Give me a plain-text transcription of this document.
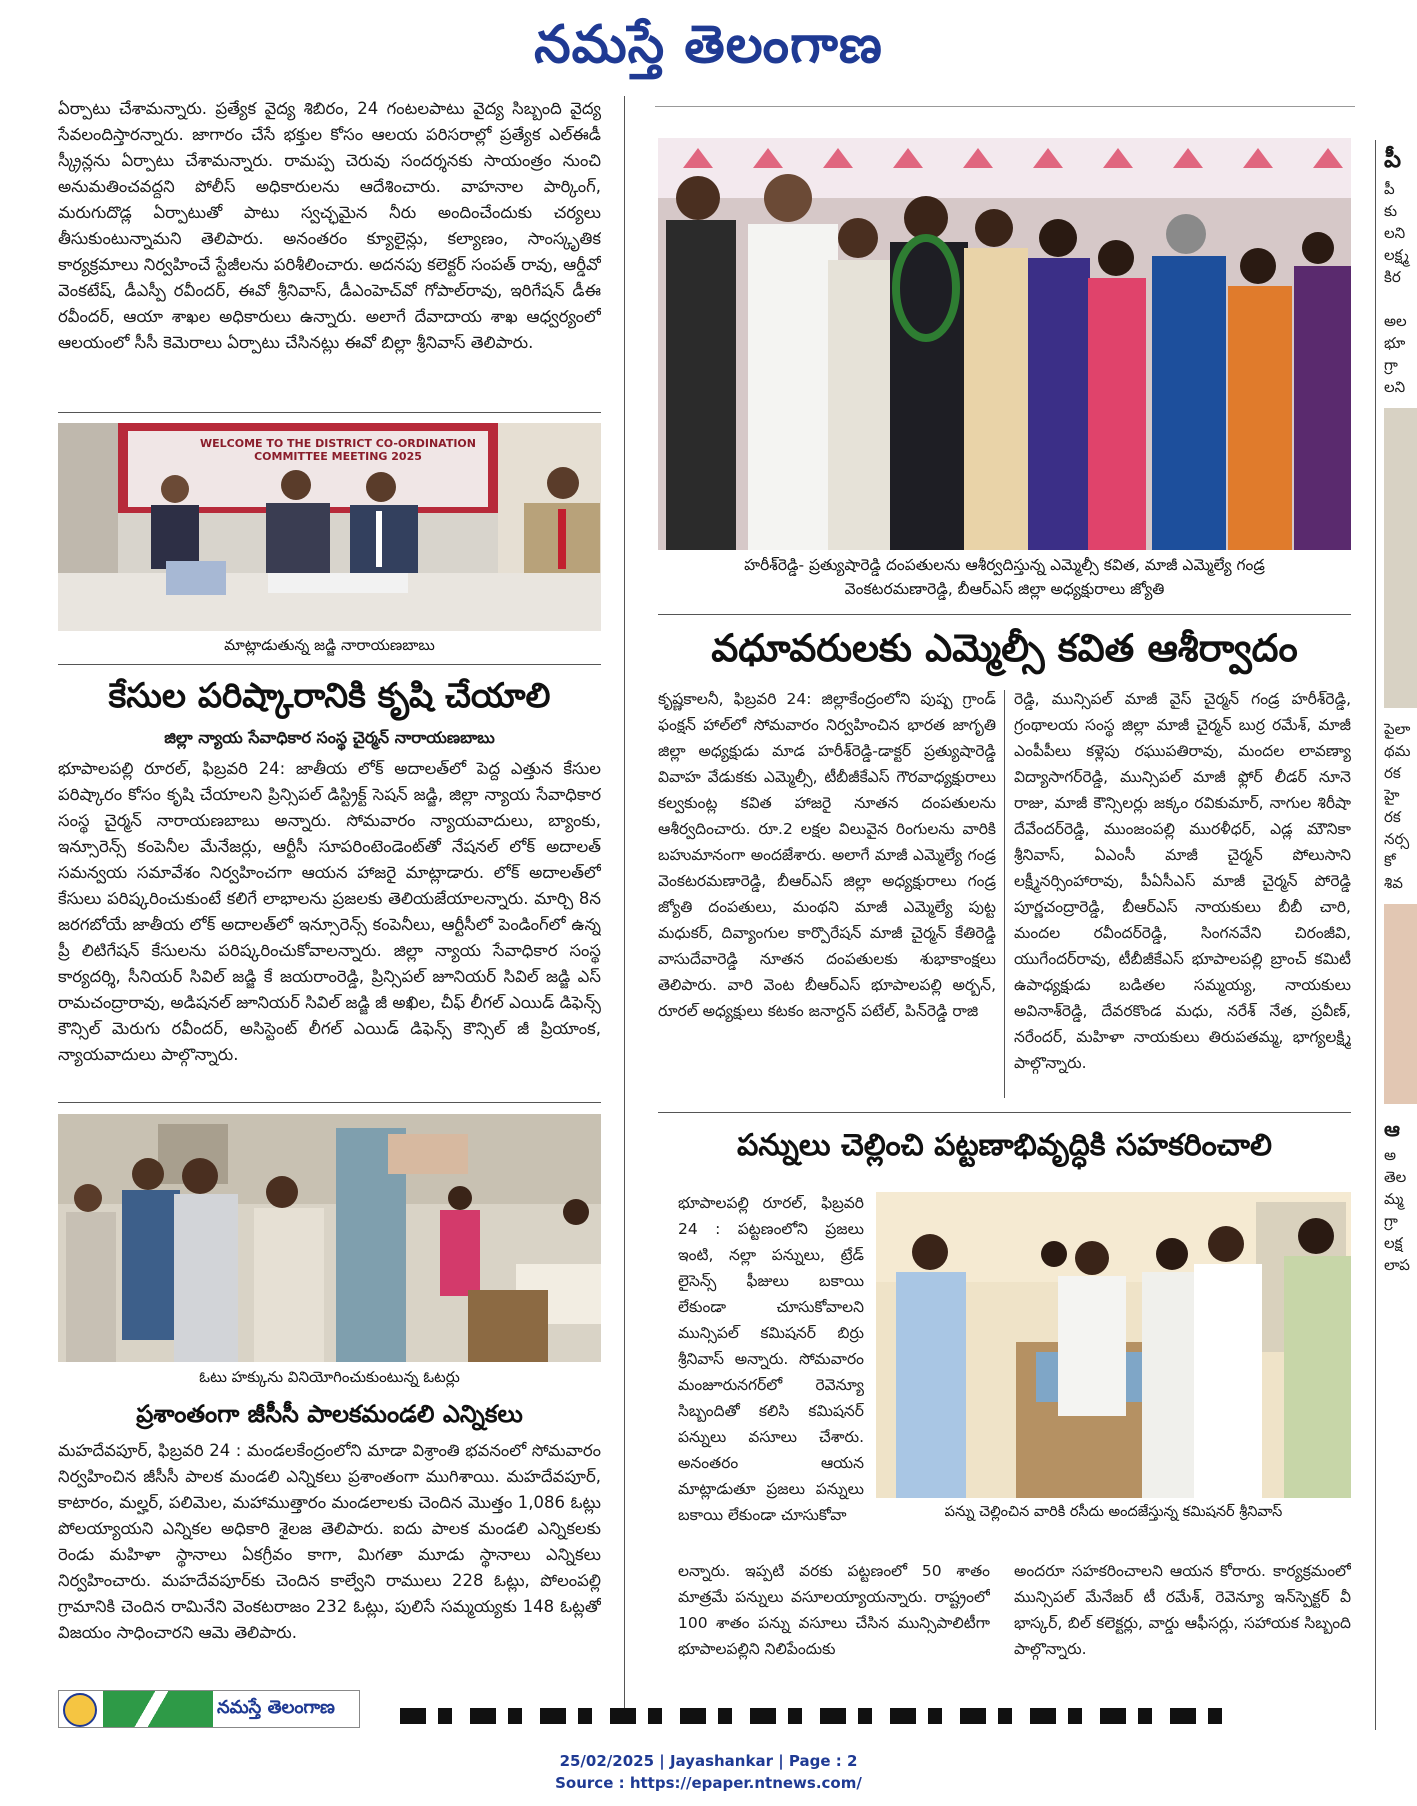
నమస్తే తెలంగాణ

ఏర్పాటు చేశామన్నారు. ప్రత్యేక వైద్య శిబిరం, 24 గంటలపాటు వైద్య సిబ్బంది వైద్య సేవలందిస్తారన్నారు. జాగారం చేసే భక్తుల కోసం ఆలయ పరిసరాల్లో ప్రత్యేక ఎల్‌ఈడీ స్క్రీన్లను ఏర్పాటు చేశామన్నారు. రామప్ప చెరువు సందర్శనకు సాయంత్రం నుంచి అనుమతించవద్దని పోలీస్ అధికారులను ఆదేశించారు. వాహనాల పార్కింగ్, మరుగుదొడ్ల ఏర్పాటుతో పాటు స్వచ్ఛమైన నీరు అందించేందుకు చర్యలు తీసుకుంటున్నామని తెలిపారు. అనంతరం క్యూలైన్లు, కల్యాణం, సాంస్కృతిక కార్యక్రమాలు నిర్వహించే స్టేజీలను పరిశీలించారు. అదనపు కలెక్టర్ సంపత్ రావు, ఆర్డీవో వెంకటేష్, డీఎస్పీ రవీందర్, ఈవో శ్రీనివాస్, డీఎంహెచ్‌వో గోపాల్‌రావు, ఇరిగేషన్ డీఈ రవీందర్, ఆయా శాఖల అధికారులు ఉన్నారు. అలాగే దేవాదాయ శాఖ ఆధ్వర్యంలో ఆలయంలో సీసీ కెమెరాలు ఏర్పాటు చేసినట్లు ఈవో బిల్లా శ్రీనివాస్ తెలిపారు.

WELCOME TO THE DISTRICT CO-ORDINATION COMMITTEE MEETING 2025
మాట్లాడుతున్న జడ్జి నారాయణబాబు
కేసుల పరిష్కారానికి కృషి చేయాలి
జిల్లా న్యాయ సేవాధికార సంస్థ చైర్మన్ నారాయణబాబు

భూపాలపల్లి రూరల్, ఫిబ్రవరి 24: జాతీయ లోక్ అదాలత్‌లో పెద్ద ఎత్తున కేసుల పరిష్కారం కోసం కృషి చేయాలని ప్రిన్సిపల్ డిస్ట్రిక్ట్ సెషన్ జడ్జి, జిల్లా న్యాయ సేవాధికార సంస్థ చైర్మన్ నారాయణబాబు అన్నారు. సోమవారం న్యాయవాదులు, బ్యాంకు, ఇన్సూరెన్స్ కంపెనీల మేనేజర్లు, ఆర్టీసీ సూపరింటెండెంట్‌తో నేషనల్ లోక్ అదాలత్ సమన్వయ సమావేశం నిర్వహించగా ఆయన హాజరై మాట్లాడారు. లోక్ అదాలత్‌లో కేసులు పరిష్కరించుకుంటే కలిగే లాభాలను ప్రజలకు తెలియజేయాలన్నారు. మార్చి 8న జరగబోయే జాతీయ లోక్ అదాలత్‌లో ఇన్సూరెన్స్ కంపెనీలు, ఆర్టీసీలో పెండింగ్‌లో ఉన్న ప్రీ లిటిగేషన్ కేసులను పరిష్కరించుకోవాలన్నారు. జిల్లా న్యాయ సేవాధికార సంస్థ కార్యదర్శి, సీనియర్ సివిల్ జడ్జి కే జయరాంరెడ్డి, ప్రిన్సిపల్ జూనియర్ సివిల్ జడ్జి ఎస్ రామచంద్రారావు, అడిషనల్ జూనియర్ సివిల్ జడ్జి జీ అఖిల, చీఫ్ లీగల్ ఎయిడ్ డిఫెన్స్ కౌన్సిల్ మెరుగు రవీందర్, అసిస్టెంట్ లీగల్ ఎయిడ్ డిఫెన్స్ కౌన్సిల్ జీ ప్రియాంక, న్యాయవాదులు పాల్గొన్నారు.

ఓటు హక్కును వినియోగించుకుంటున్న ఓటర్లు
ప్రశాంతంగా జీసీసీ పాలకమండలి ఎన్నికలు

మహదేవపూర్, ఫిబ్రవరి 24 : మండలకేంద్రంలోని మాడా విశ్రాంతి భవనంలో సోమవారం నిర్వహించిన జీసీసీ పాలక మండలి ఎన్నికలు ప్రశాంతంగా ముగిశాయి. మహదేవపూర్, కాటారం, మల్హర్, పలిమెల, మహాముత్తారం మండలాలకు చెందిన మొత్తం 1,086 ఓట్లు పోలయ్యాయని ఎన్నికల అధికారి శైలజ తెలిపారు. ఐదు పాలక మండలి ఎన్నికలకు రెండు మహిళా స్థానాలు ఏకగ్రీవం కాగా, మిగతా మూడు స్థానాలు ఎన్నికలు నిర్వహించారు. మహదేవపూర్‌కు చెందిన కాల్వేని రాములు 228 ఓట్లు, పోలంపల్లి గ్రామానికి చెందిన రామినేని వెంకటరాజం 232 ఓట్లు, పులిసే సమ్మయ్యకు 148 ఓట్లతో విజయం సాధించారని ఆమె తెలిపారు.

నమస్తే తెలంగాణ
హరీశ్‌రెడ్డి- ప్రత్యుషారెడ్డి దంపతులను ఆశీర్వదిస్తున్న ఎమ్మెల్సీ కవిత, మాజీ ఎమ్మెల్యే గండ్ర
వెంకటరమణారెడ్డి, బీఆర్ఎస్ జిల్లా అధ్యక్షురాలు జ్యోతి
వధూవరులకు ఎమ్మెల్సీ కవిత ఆశీర్వాదం

కృష్ణకాలనీ, ఫిబ్రవరి 24: జిల్లాకేంద్రంలోని పుష్ప గ్రాండ్ ఫంక్షన్ హాల్‌లో సోమవారం నిర్వహించిన భారత జాగృతి జిల్లా అధ్యక్షుడు మాడ హరీశ్‌రెడ్డి-డాక్టర్ ప్రత్యుషారెడ్డి వివాహ వేడుకకు ఎమ్మెల్సీ, టీబీజీకేఎస్ గౌరవాధ్యక్షురాలు కల్వకుంట్ల కవిత హాజరై నూతన దంపతులను ఆశీర్వదించారు. రూ.2 లక్షల విలువైన రింగులను వారికి బహుమానంగా అందజేశారు. అలాగే మాజీ ఎమ్మెల్యే గండ్ర వెంకటరమణారెడ్డి, బీఆర్ఎస్ జిల్లా అధ్యక్షురాలు గండ్ర జ్యోతి దంపతులు, మంథని మాజీ ఎమ్మెల్యే పుట్ట మధుకర్, దివ్యాంగుల కార్పొరేషన్ మాజీ చైర్మన్ కేతిరెడ్డి వాసుదేవారెడ్డి నూతన దంపతులకు శుభాకాంక్షలు తెలిపారు. వారి వెంట బీఆర్ఎస్ భూపాలపల్లి అర్బన్, రూరల్ అధ్యక్షులు కటకం జనార్దన్ పటేల్, పిన్‌రెడ్డి రాజి

రెడ్డి, మున్సిపల్ మాజీ వైస్ చైర్మన్ గండ్ర హరీశ్‌రెడ్డి, గ్రంథాలయ సంస్థ జిల్లా మాజీ చైర్మన్ బుర్ర రమేశ్, మాజీ ఎంపీపీలు కళ్లెపు రఘుపతిరావు, మందల లావణ్యా విద్యాసాగర్‌రెడ్డి, మున్సిపల్ మాజీ ఫ్లోర్ లీడర్ నూనె రాజు, మాజీ కౌన్సిలర్లు జక్కం రవికుమార్, నాగుల శిరీషా దేవేందర్‌రెడ్డి, ముంజంపల్లి మురళీధర్, ఎడ్ల మౌనికా శ్రీనివాస్, ఏఎంసీ మాజీ చైర్మన్ పోలుసాని లక్ష్మీనర్సింహారావు, పీఏసీఎస్ మాజీ చైర్మన్ పోరెడ్డి పూర్ణచంద్రారెడ్డి, బీఆర్ఎస్ నాయకులు బీబీ చారి, మందల రవీందర్‌రెడ్డి, సింగనవేని చిరంజీవి, యుగేందర్‌రావు, టీబీజీకేఎస్ భూపాలపల్లి బ్రాంచ్ కమిటీ ఉపాధ్యక్షుడు బడితల సమ్మయ్య, నాయకులు అవినాశ్‌రెడ్డి, దేవరకొండ మధు, నరేశ్ నేత, ప్రవీణ్, నరేందర్, మహిళా నాయకులు తిరుపతమ్మ, భాగ్యలక్ష్మి పాల్గొన్నారు.

పన్నులు చెల్లించి పట్టణాభివృద్ధికి సహకరించాలి

భూపాలపల్లి రూరల్, ఫిబ్రవరి 24 : పట్టణంలోని ప్రజలు ఇంటి, నల్లా పన్నులు, ట్రేడ్ లైసెన్స్ ఫీజులు బకాయి లేకుండా చూసుకోవాలని మున్సిపల్ కమిషనర్ బిర్రు శ్రీనివాస్ అన్నారు. సోమవారం మంజూరునగర్‌లో రెవెన్యూ సిబ్బందితో కలిసి కమిషనర్ పన్నులు వసూలు చేశారు. అనంతరం ఆయన మాట్లాడుతూ ప్రజలు పన్నులు బకాయి లేకుండా చూసుకోవా	పన్ను చెల్లించిన వారికి రసీదు అందజేస్తున్న కమిషనర్ శ్రీనివాస్

లన్నారు. ఇప్పటి వరకు పట్టణంలో 50 శాతం మాత్రమే పన్నులు వసూలయ్యాయన్నారు. రాష్ట్రంలో 100 శాతం పన్ను వసూలు చేసిన మున్సిపాలిటీగా భూపాలపల్లిని నిలిపేందుకు

అందరూ సహకరించాలని ఆయన కోరారు. కార్యక్రమంలో మున్సిపల్ మేనేజర్ టీ రమేశ్, రెవెన్యూ ఇన్‌స్పెక్టర్ వీ భాస్కర్, బిల్ కలెక్టర్లు, వార్డు ఆఫీసర్లు, సహాయక సిబ్బంది పాల్గొన్నారు.

పీ
పీ
కు
లని
లక్ష్మ
కిర
అల
భూ
గ్రా
లని
పైలా
థమ
రక
హై
రక
నర్స
కో
శివ
ఆ
అ
తెల
మ్మ
గ్రా
లక్ష
లాప
25/02/2025 | Jayashankar | Page : 2
Source : https://epaper.ntnews.com/
